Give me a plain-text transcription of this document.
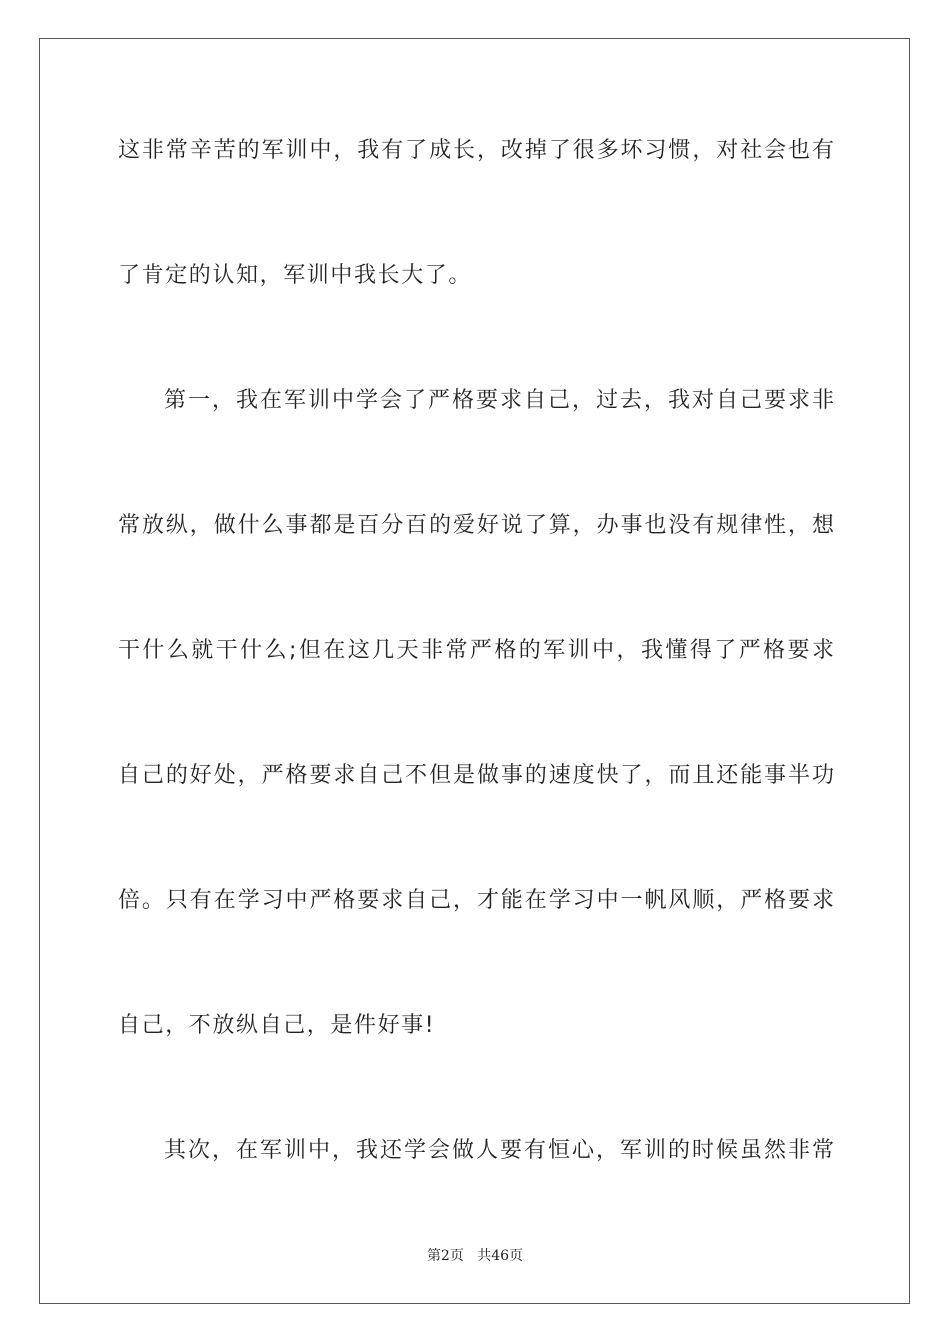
这非常辛苦的军训中，我有了成长，改掉了很多坏习惯，对社会也有
了肯定的认知，军训中我长大了。
第一，我在军训中学会了严格要求自己，过去，我对自己要求非
常放纵，做什么事都是百分百的爱好说了算，办事也没有规律性，想
干什么就干什么;但在这几天非常严格的军训中，我懂得了严格要求
自己的好处，严格要求自己不但是做事的速度快了，而且还能事半功
倍。只有在学习中严格要求自己，才能在学习中一帆风顺，严格要求
自己，不放纵自己，是件好事!
其次，在军训中，我还学会做人要有恒心，军训的时候虽然非常
第2页 共46页
